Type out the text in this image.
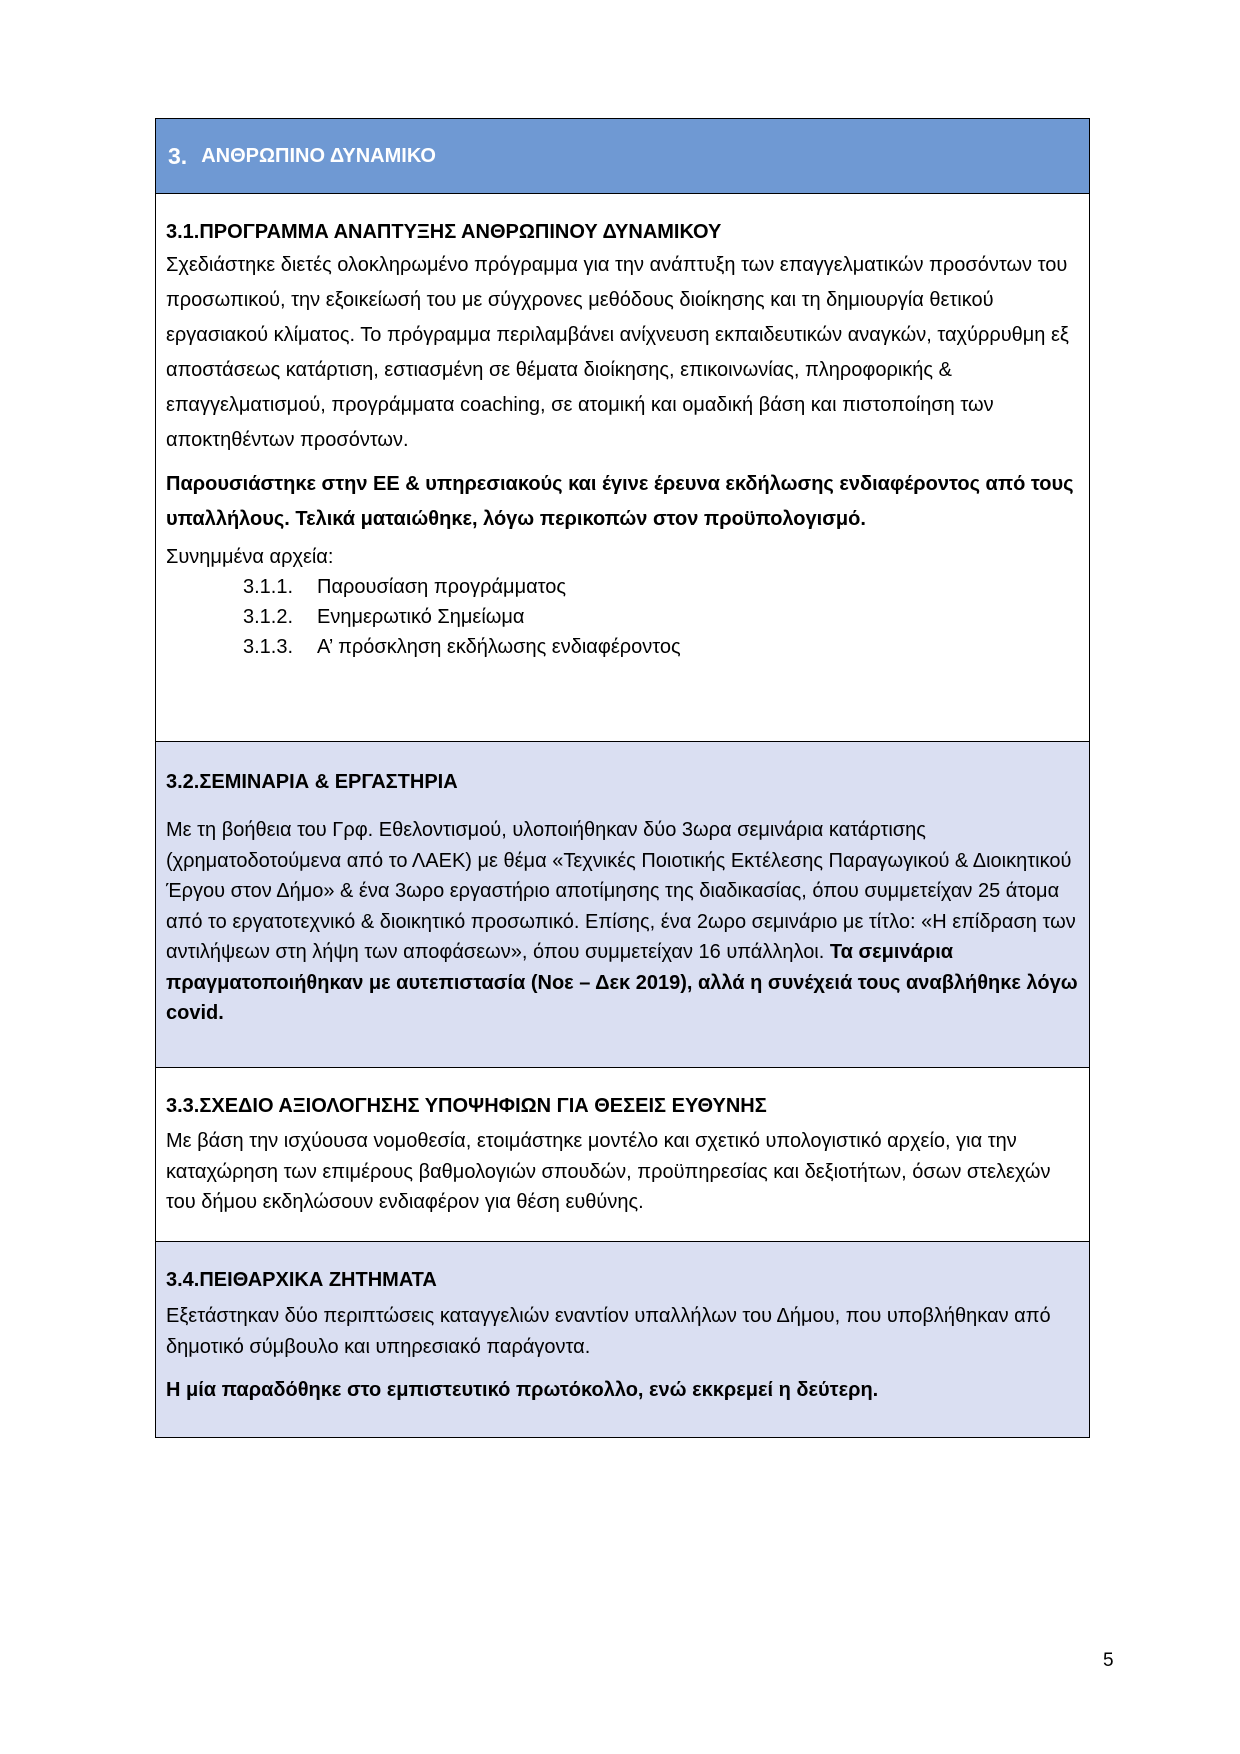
3. ΑΝΘΡΩΠΙΝΟ ΔΥΝΑΜΙΚΟ
3.1.ΠΡΟΓΡΑΜΜΑ ΑΝΑΠΤΥΞΗΣ ΑΝΘΡΩΠΙΝΟΥ ΔΥΝΑΜΙΚΟΥ

Σχεδιάστηκε διετές ολοκληρωμένο πρόγραμμα για την ανάπτυξη των επαγγελματικών προσόντων του προσωπικού, την εξοικείωσή του με σύγχρονες μεθόδους διοίκησης και τη δημιουργία θετικού εργασιακού κλίματος. Το πρόγραμμα περιλαμβάνει ανίχνευση εκπαιδευτικών αναγκών, ταχύρρυθμη εξ αποστάσεως κατάρτιση, εστιασμένη σε θέματα διοίκησης, επικοινωνίας, πληροφορικής & επαγγελματισμού, προγράμματα coaching, σε ατομική και ομαδική βάση και πιστοποίηση των αποκτηθέντων προσόντων.

Παρουσιάστηκε στην ΕΕ & υπηρεσιακούς και έγινε έρευνα εκδήλωσης ενδιαφέροντος από τους υπαλλήλους. Τελικά ματαιώθηκε, λόγω περικοπών στον προϋπολογισμό.

Συνημμένα αρχεία:
3.1.1. Παρουσίαση προγράμματος
3.1.2. Ενημερωτικό Σημείωμα
3.1.3. Α’ πρόσκληση εκδήλωσης ενδιαφέροντος
3.2.ΣΕΜΙΝΑΡΙΑ & ΕΡΓΑΣΤΗΡΙΑ

Με τη βοήθεια του Γρφ. Εθελοντισμού, υλοποιήθηκαν δύο 3ωρα σεμινάρια κατάρτισης (χρηματοδοτούμενα από το ΛΑΕΚ) με θέμα «Τεχνικές Ποιοτικής Εκτέλεσης Παραγωγικού & Διοικητικού Έργου στον Δήμο» & ένα 3ωρο εργαστήριο αποτίμησης της διαδικασίας, όπου συμμετείχαν 25 άτομα από το εργατοτεχνικό & διοικητικό προσωπικό. Επίσης, ένα 2ωρο σεμινάριο με τίτλο: «Η επίδραση των αντιλήψεων στη λήψη των αποφάσεων», όπου συμμετείχαν 16 υπάλληλοι. Τα σεμινάρια πραγματοποιήθηκαν με αυτεπιστασία (Νοε – Δεκ 2019), αλλά η συνέχειά τους αναβλήθηκε λόγω covid.

3.3.ΣΧΕΔΙΟ ΑΞΙΟΛΟΓΗΣΗΣ ΥΠΟΨΗΦΙΩΝ ΓΙΑ ΘΕΣΕΙΣ ΕΥΘΥΝΗΣ

Με βάση την ισχύουσα νομοθεσία, ετοιμάστηκε μοντέλο και σχετικό υπολογιστικό αρχείο, για την καταχώρηση των επιμέρους βαθμολογιών σπουδών, προϋπηρεσίας και δεξιοτήτων, όσων στελεχών του δήμου εκδηλώσουν ενδιαφέρον για θέση ευθύνης.

3.4.ΠΕΙΘΑΡΧΙΚΑ ΖΗΤΗΜΑΤΑ

Εξετάστηκαν δύο περιπτώσεις καταγγελιών εναντίον υπαλλήλων του Δήμου, που υποβλήθηκαν από δημοτικό σύμβουλο και υπηρεσιακό παράγοντα.

Η μία παραδόθηκε στο εμπιστευτικό πρωτόκολλο, ενώ εκκρεμεί η δεύτερη.

5
